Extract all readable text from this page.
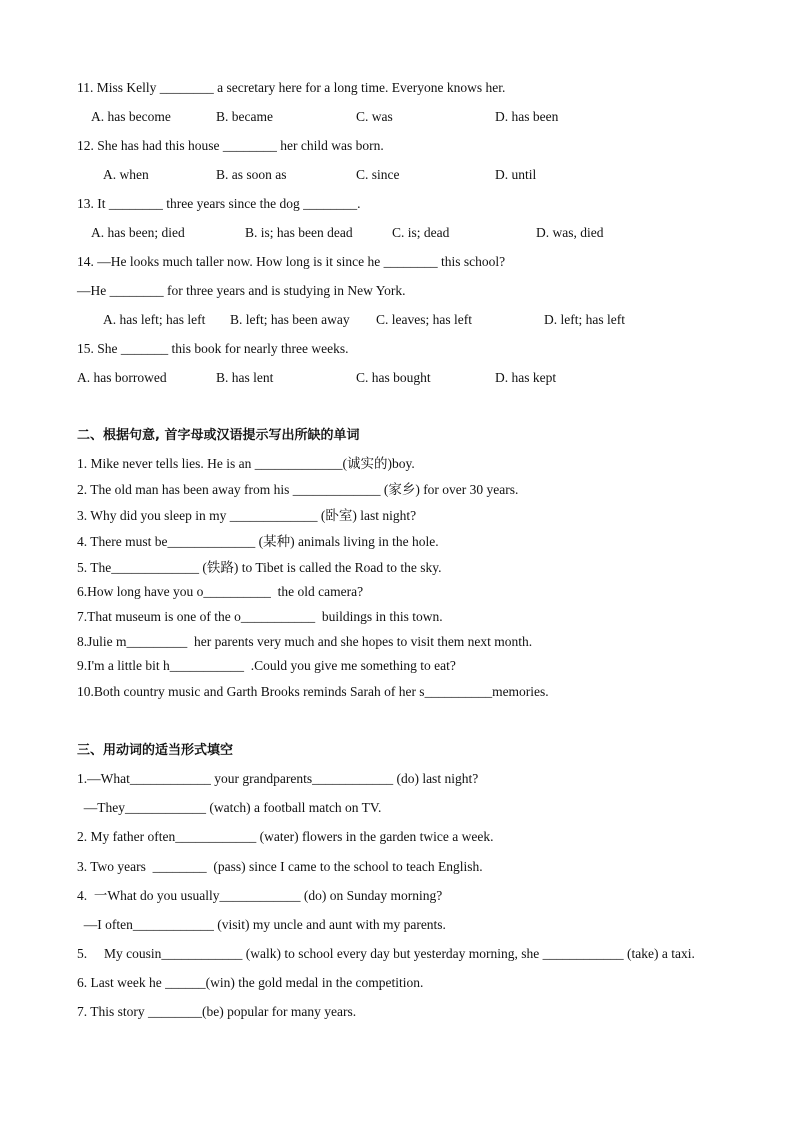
11. Miss Kelly ________ a secretary here for a long time. Everyone knows her.
A. has become	B. became	C. was	D. has been
12. She has had this house ________ her child was born.
A. when	B. as soon as	C. since	D. until
13. It ________ three years since the dog ________.
A. has been; died	B. is; has been dead	C. is; dead	D. was, died
14. —He looks much taller now. How long is it since he ________ this school?
—He ________ for three years and is studying in New York.
A. has left; has left B. left; has been away C. leaves; has left	D. left; has left
15. She _______ this book for nearly three weeks.
A. has borrowed	B. has lent	C. has bought	D. has kept
二、根据句意, 首字母或汉语提示写出所缺的单词
1. Mike never tells lies. He is an _____________(诚实的)boy.
2. The old man has been away from his _____________ (家乡) for over 30 years.
3. Why did you sleep in my _____________ (卧室) last night?
4. There must be_____________ (某种) animals living in the hole.
5. The_____________ (铁路) to Tibet is called the Road to the sky.
6.How long have you o__________  the old camera?
7.That museum is one of the o___________  buildings in this town.
8.Julie m_________  her parents very much and she hopes to visit them next month.
9.I'm a little bit h___________  .Could you give me something to eat?
10.Both country music and Garth Brooks reminds Sarah of her s__________memories.
三、用动词的适当形式填空
1.—What____________ your grandparents____________ (do) last night?
—They____________ (watch) a football match on TV.
2. My father often____________ (water) flowers in the garden twice a week.
3. Two years  ________  (pass) since I came to the school to teach English.
4.  一What do you usually____________ (do) on Sunday morning?
—I often____________ (visit) my uncle and aunt with my parents.
5.     My cousin____________ (walk) to school every day but yesterday morning, she ____________ (take) a taxi.
6. Last week he ______(win) the gold medal in the competition.
7. This story ________(be) popular for many years.
